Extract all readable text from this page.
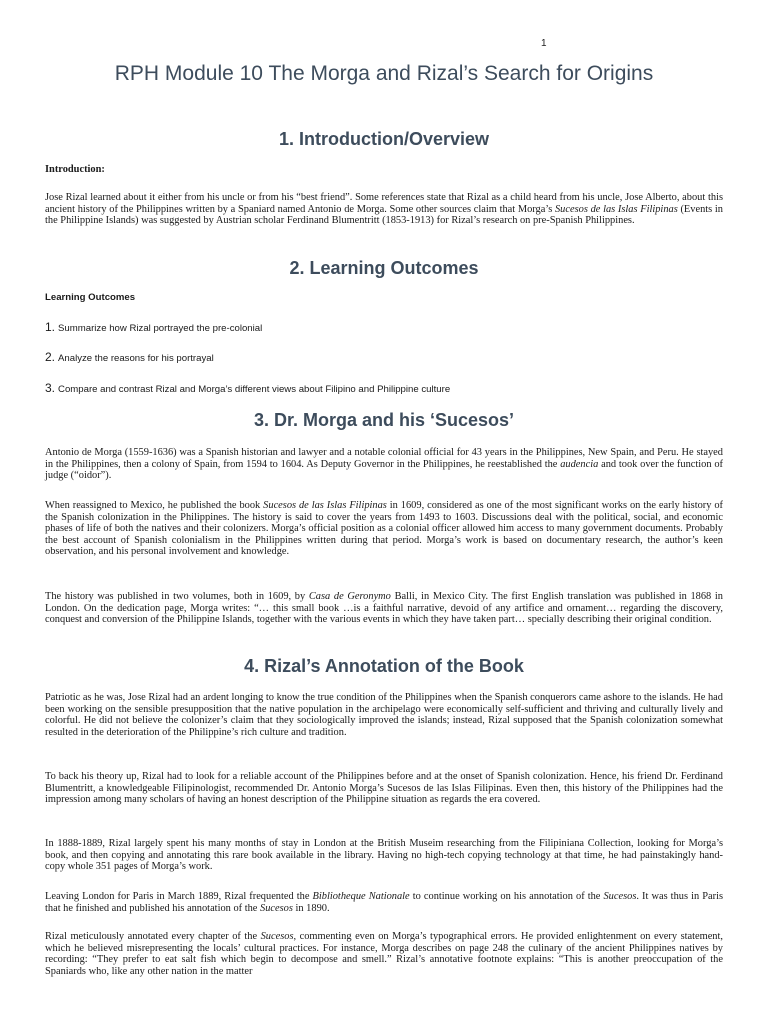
1
RPH Module 10 The Morga and Rizal’s Search for Origins
1. Introduction/Overview
Introduction:

Jose Rizal learned about it either from his uncle or from his “best friend”. Some references state that Rizal as a child heard from his uncle, Jose Alberto, about this ancient history of the Philippines written by a Spaniard named Antonio de Morga. Some other sources claim that Morga’s Sucesos de las Islas Filipinas (Events in the Philippine Islands) was suggested by Austrian scholar Ferdinand Blumentritt (1853-1913) for Rizal’s research on pre-Spanish Philippines.

2. Learning Outcomes
Learning Outcomes
1. Summarize how Rizal portrayed the pre-colonial
2. Analyze the reasons for his portrayal
3. Compare and contrast Rizal and Morga’s different views about Filipino and Philippine culture
3. Dr. Morga and his ‘Sucesos’

Antonio de Morga (1559-1636) was a Spanish historian and lawyer and a notable colonial official for 43 years in the Philippines, New Spain, and Peru. He stayed in the Philippines, then a colony of Spain, from 1594 to 1604. As Deputy Governor in the Philippines, he reestablished the audencia and took over the function of judge (“oidor”).

When reassigned to Mexico, he published the book Sucesos de las Islas Filipinas in 1609, considered as one of the most significant works on the early history of the Spanish colonization in the Philippines. The history is said to cover the years from 1493 to 1603. Discussions deal with the political, social, and economic phases of life of both the natives and their colonizers. Morga’s official position as a colonial officer allowed him access to many government documents. Probably the best account of Spanish colonialism in the Philippines written during that period. Morga’s work is based on documentary research, the author’s keen observation, and his personal involvement and knowledge.

The history was published in two volumes, both in 1609, by Casa de Geronymo Balli, in Mexico City. The first English translation was published in 1868 in London. On the dedication page, Morga writes: “… this small book …is a faithful narrative, devoid of any artifice and ornament… regarding the discovery, conquest and conversion of the Philippine Islands, together with the various events in which they have taken part… specially describing their original condition.

4. Rizal’s Annotation of the Book

Patriotic as he was, Jose Rizal had an ardent longing to know the true condition of the Philippines when the Spanish conquerors came ashore to the islands. He had been working on the sensible presupposition that the native population in the archipelago were economically self-sufficient and thriving and culturally lively and colorful. He did not believe the colonizer’s claim that they sociologically improved the islands; instead, Rizal supposed that the Spanish colonization somewhat resulted in the deterioration of the Philippine’s rich culture and tradition.

To back his theory up, Rizal had to look for a reliable account of the Philippines before and at the onset of Spanish colonization. Hence, his friend Dr. Ferdinand Blumentritt, a knowledgeable Filipinologist, recommended Dr. Antonio Morga’s Sucesos de las Islas Filipinas. Even then, this history of the Philippines had the impression among many scholars of having an honest description of the Philippine situation as regards the era covered.

In 1888-1889, Rizal largely spent his many months of stay in London at the British Museim researching from the Filipiniana Collection, looking for Morga’s book, and then copying and annotating this rare book available in the library. Having no high-tech copying technology at that time, he had painstakingly hand-copy whole 351 pages of Morga’s work.

Leaving London for Paris in March 1889, Rizal frequented the Bibliotheque Nationale to continue working on his annotation of the Sucesos. It was thus in Paris that he finished and published his annotation of the Sucesos in 1890.

Rizal meticulously annotated every chapter of the Sucesos, commenting even on Morga’s typographical errors. He provided enlightenment on every statement, which he believed misrepresenting the locals’ cultural practices. For instance, Morga describes on page 248 the culinary of the ancient Philippines natives by recording: “They prefer to eat salt fish which begin to decompose and smell.” Rizal’s annotative footnote explains: “This is another preoccupation of the Spaniards who, like any other nation in the matter
